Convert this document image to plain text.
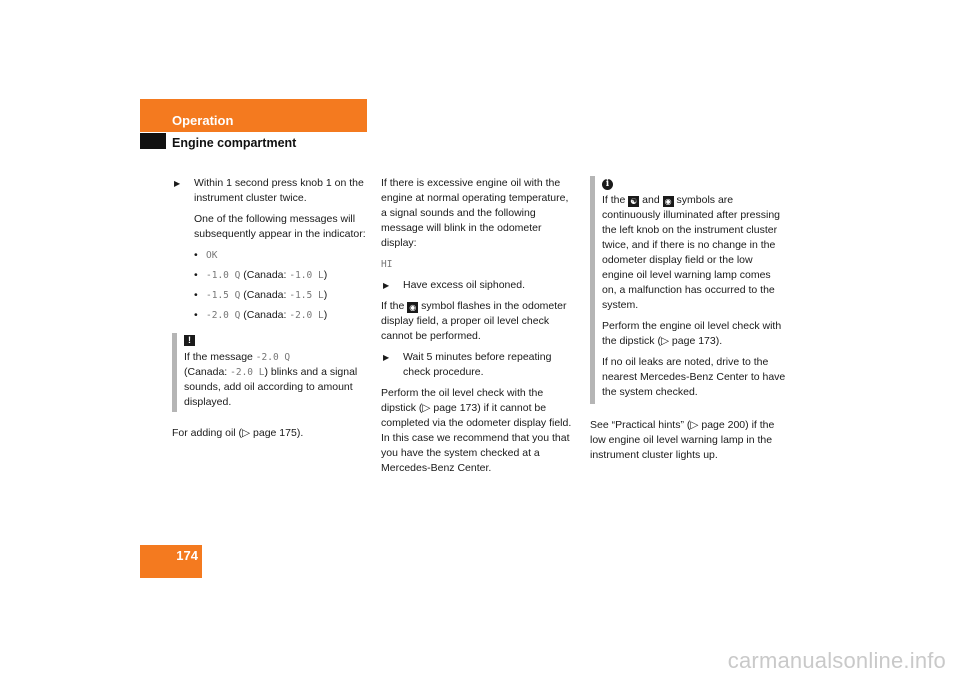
Operation
Engine compartment

▶ Within 1 second press knob 1 on the instrument cluster twice.

One of the following messages will subsequently appear in the indicator:

• OK
• -1.0 Q (Canada: -1.0 L)
• -1.5 Q (Canada: -1.5 L)
• -2.0 Q (Canada: -2.0 L)
!
If the message -2.0 Q
(Canada: -2.0 L) blinks and a signal sounds, add oil according to amount displayed.

For adding oil (▷ page 175).

If there is excessive engine oil with the engine at normal operating temperature, a signal sounds and the following message will blink in the odometer display:

HI

▶ Have excess oil siphoned.

If the ◉ symbol flashes in the odometer display field, a proper oil level check cannot be performed.

▶ Wait 5 minutes before repeating check procedure.

Perform the oil level check with the dipstick (▷ page 173) if it cannot be completed via the odometer display field. In this case we recommend that you that you have the system checked at a Mercedes-Benz Center.

i

If the ☯ and ◉ symbols are continuously illuminated after pressing the left knob on the instrument cluster twice, and if there is no change in the odometer display field or the low engine oil level warning lamp comes on, a malfunction has occurred to the system.

Perform the engine oil level check with the dipstick (▷ page 173).

If no oil leaks are noted, drive to the nearest Mercedes-Benz Center to have the system checked.

See “Practical hints” (▷ page 200) if the low engine oil level warning lamp in the instrument cluster lights up.

174
carmanualsonline.info
